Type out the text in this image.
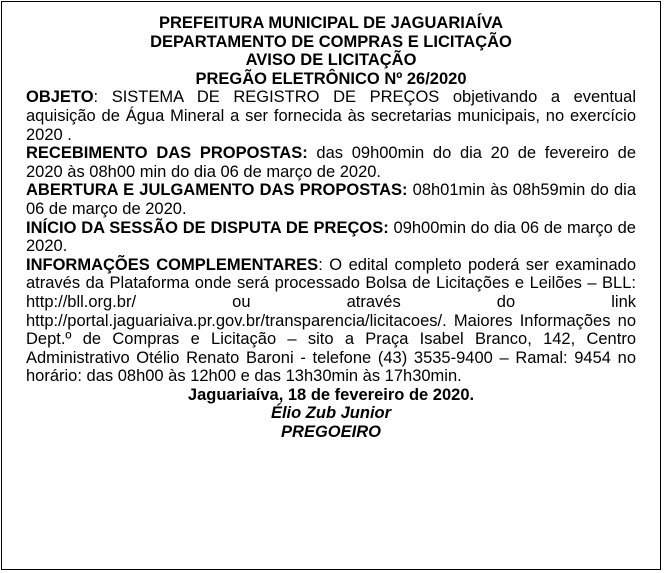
PREFEITURA MUNICIPAL DE JAGUARIAÍVA
DEPARTAMENTO DE COMPRAS E LICITAÇÃO
AVISO DE LICITAÇÃO
PREGÃO ELETRÔNICO Nº 26/2020

OBJETO: SISTEMA DE REGISTRO DE PREÇOS objetivando a eventual aquisição de Água Mineral a ser fornecida às secretarias municipais, no exercício 2020 .

RECEBIMENTO DAS PROPOSTAS: das 09h00min do dia 20 de fevereiro de 2020 às 08h00 min do dia 06 de março de 2020.

ABERTURA E JULGAMENTO DAS PROPOSTAS: 08h01min às 08h59min do dia 06 de março de 2020.

INÍCIO DA SESSÃO DE DISPUTA DE PREÇOS: 09h00min do dia 06 de março de 2020.

INFORMAÇÕES COMPLEMENTARES: O edital completo poderá ser examinado através da Plataforma onde será processado Bolsa de Licitações e Leilões – BLL: http://bll.org.br/ ou através do link http://portal.jaguariaiva.pr.gov.br/transparencia/licitacoes/. Maiores Informações no Dept.º de Compras e Licitação – sito a Praça Isabel Branco, 142, Centro Administrativo Otélio Renato Baroni - telefone (43) 3535-9400 – Ramal: 9454 no horário: das 08h00 às 12h00 e das 13h30min às 17h30min.

Jaguariaíva, 18 de fevereiro de 2020.
Élio Zub Junior
PREGOEIRO
